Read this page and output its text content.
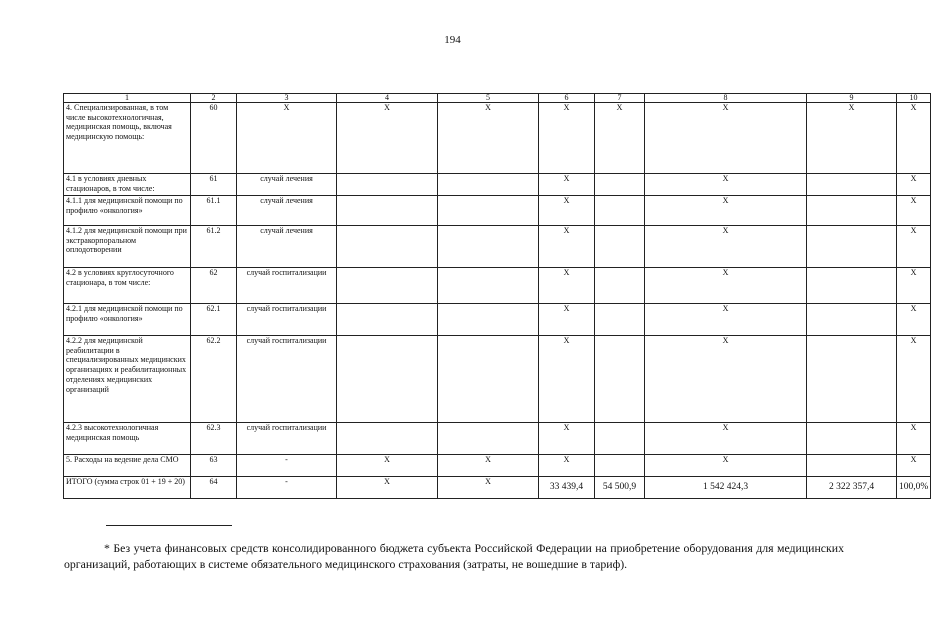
194
1	2	3	4	5	6	7	8	9	10
4. Специализированная, в том числе высокотехнологичная, медицинская помощь, включая медицинскую помощь:	60	X	X	X	X	X	X	X	X
4.1 в условиях дневных стационаров, в том числе:	61	случай лечения			X		X		X
4.1.1 для медицинской помощи по профилю «онкология»	61.1	случай лечения			X		X		X
4.1.2 для медицинской помощи при экстракорпоральном оплодотворении	61.2	случай лечения			X		X		X
4.2 в условиях круглосуточного стационара, в том числе:	62	случай госпитализации			X		X		X
4.2.1 для медицинской помощи по профилю «онкология»	62.1	случай госпитализации			X		X		X
4.2.2 для медицинской реабилитации в специализированных медицинских организациях и реабилитационных отделениях медицинских организаций	62.2	случай госпитализации			X		X		X
4.2.3 высокотехнологичная медицинская помощь	62.3	случай госпитализации			X		X		X
5. Расходы на ведение дела СМО	63	-	X	X	X		X		X
ИТОГО (сумма строк 01 + 19 + 20)	64	-	X	X	33 439,4	54 500,9	1 542 424,3	2 322 357,4	100,0%
* Без учета финансовых средств консолидированного бюджета субъекта Российской Федерации на приобретение оборудования для медицинских организаций, работающих в системе обязательного медицинского страхования (затраты, не вошедшие в тариф).
